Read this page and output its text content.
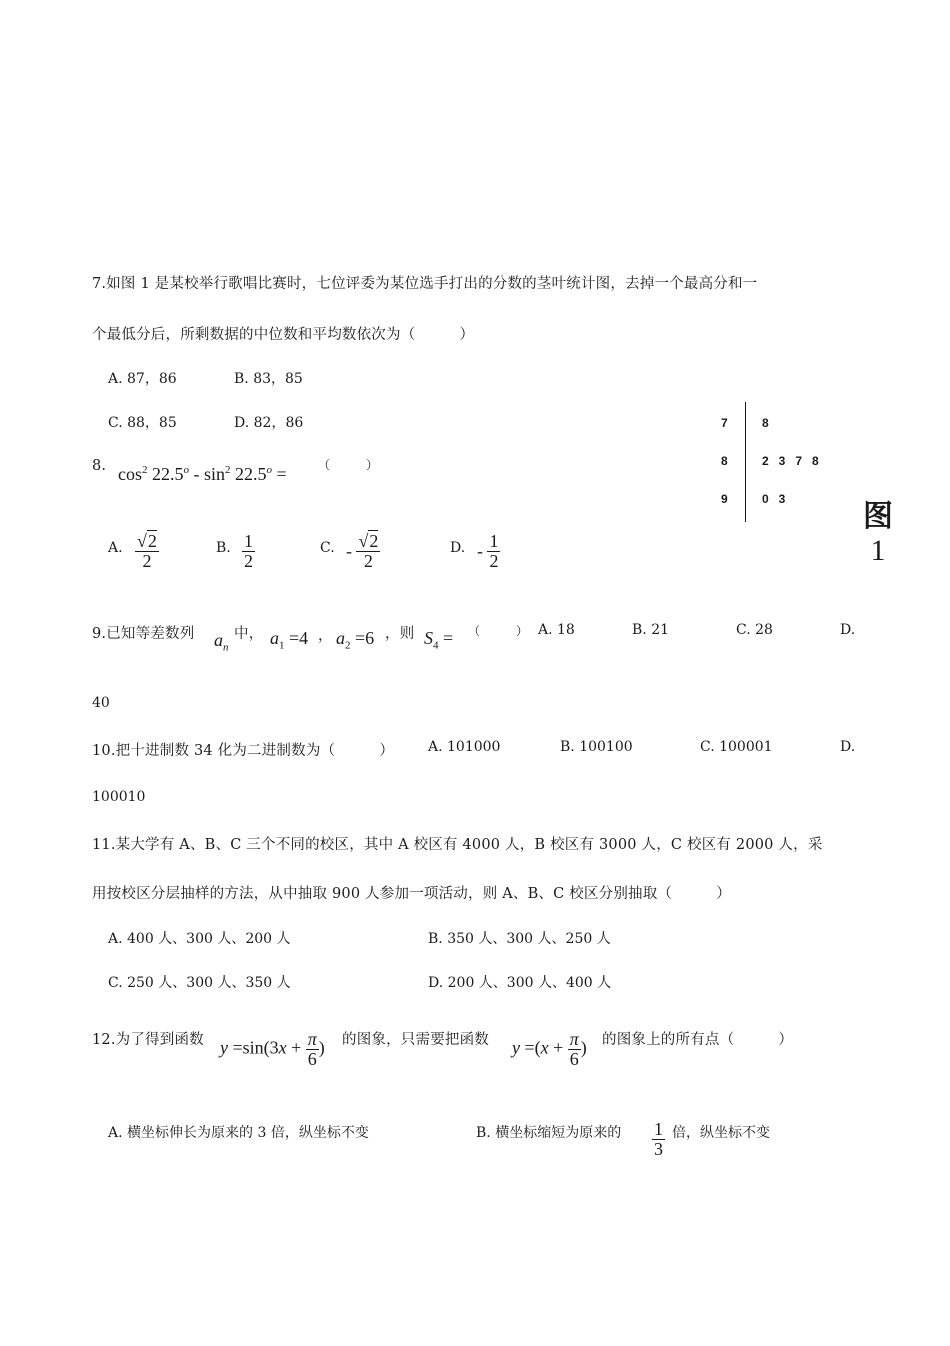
7.如图 1 是某校举行歌唱比赛时，七位评委为某位选手打出的分数的茎叶统计图，去掉一个最高分和一
个最低分后，所剩数据的中位数和平均数依次为（　　　）
A. 87，86	B. 83，85
C. 88，85	D. 82，86	7	8
8	2   3   7   8
9	0   3
图
1
8. $\cos^2 22.5^o - \sin^2 22.5^o$ =	（　　　）
A. $\frac{√2}{2}$	B. $\frac{1}{2}$	C. - $\frac{√2}{2}$	D. - $\frac{1}{2}$
9.已知等差数列 $a_n$
中， $a_1 =4$ ， $a_2 =6$ ，则 $S_4$ = （　　　） A. 18	B. 21	C. 28	D.
40
10.把十进制数 34 化为二进制数为（　　　） A. 101000	B. 100100	C. 100001	D.
100010
11.某大学有 A、B、C 三个不同的校区，其中 A 校区有 4000 人，B 校区有 3000 人，C 校区有 2000 人，采
用按校区分层抽样的方法，从中抽取 900 人参加一项活动，则 A、B、C 校区分别抽取（　　　）
A. 400 人、300 人、200 人	B. 350 人、300 人、250 人
C. 250 人、300 人、350 人	D. 200 人、300 人、400 人
12.为了得到函数 $y =\sin(3x + \frac{\pi}{6}$ ) 的图象，只需要把函数 $y =(x + \frac{\pi}{6}$ ) 的图象上的所有点（　　　）
A. 横坐标伸长为原来的 3 倍，纵坐标不变	B. 横坐标缩短为原来的 $\frac{1}{3}$ 倍，纵坐标不变
